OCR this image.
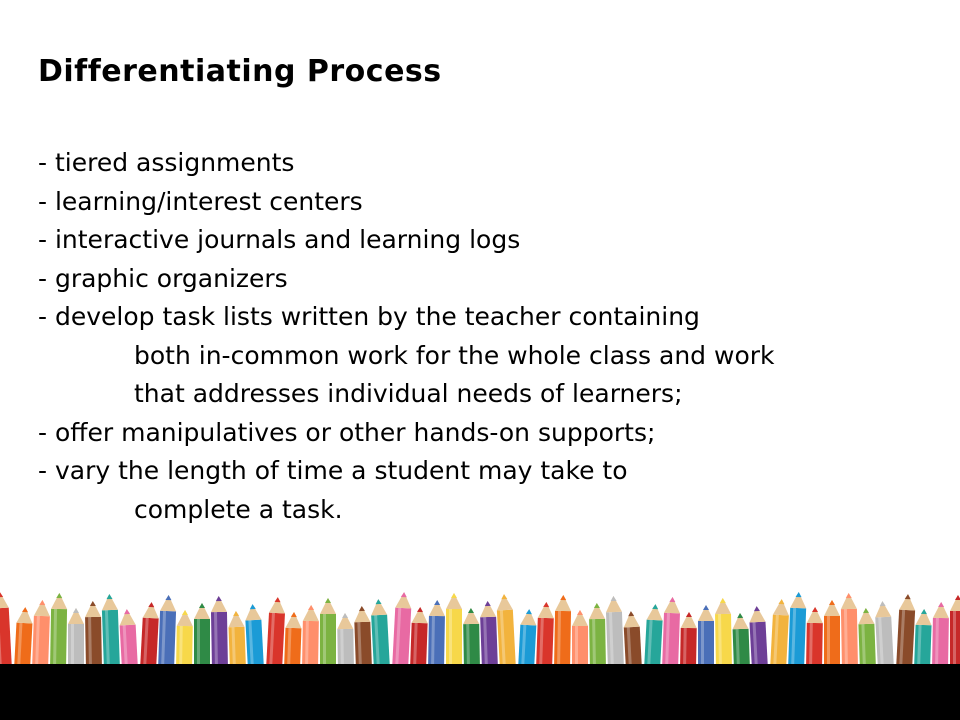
Differentiating Process
- tiered assignments
- learning/interest centers
- interactive journals and learning logs
- graphic organizers
- develop task lists written by the teacher containing
both in-common work for the whole class and work
that addresses individual needs of learners;
- offer manipulatives or other hands-on supports;
- vary the length of time a student may take to
complete a task.
